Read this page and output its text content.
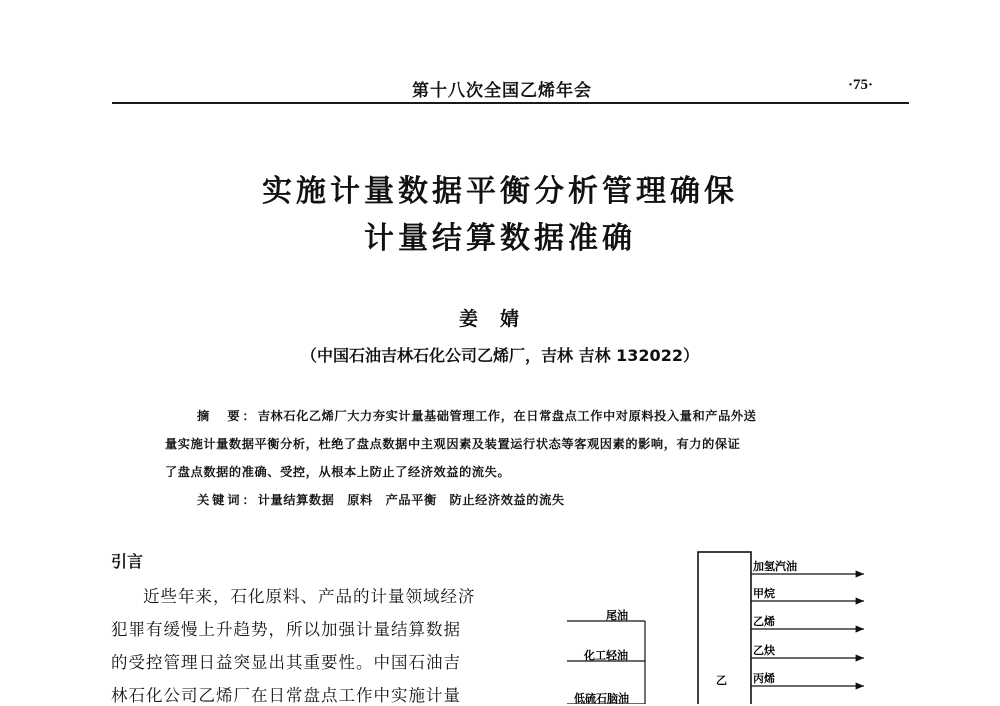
第十八次全国乙烯年会	·75·
实施计量数据平衡分析管理确保
计量结算数据准确
姜婧
（中国石油吉林石化公司乙烯厂，吉林 吉林 132022）
摘　要：吉林石化乙烯厂大力夯实计量基础管理工作，在日常盘点工作中对原料投入量和产品外送
量实施计量数据平衡分析，杜绝了盘点数据中主观因素及装置运行状态等客观因素的影响，有力的保证
了盘点数据的准确、受控，从根本上防止了经济效益的流失。
关键词：计量结算数据　原料　产品平衡　防止经济效益的流失
引言
近些年来，石化原料、产品的计量领域经济
犯罪有缓慢上升趋势，所以加强计量结算数据
的受控管理日益突显出其重要性。中国石油吉
林石化公司乙烯厂在日常盘点工作中实施计量
乙
尾油
化工轻油
低硫石脑油
加氢汽油
甲烷
乙烯
乙炔
丙烯
